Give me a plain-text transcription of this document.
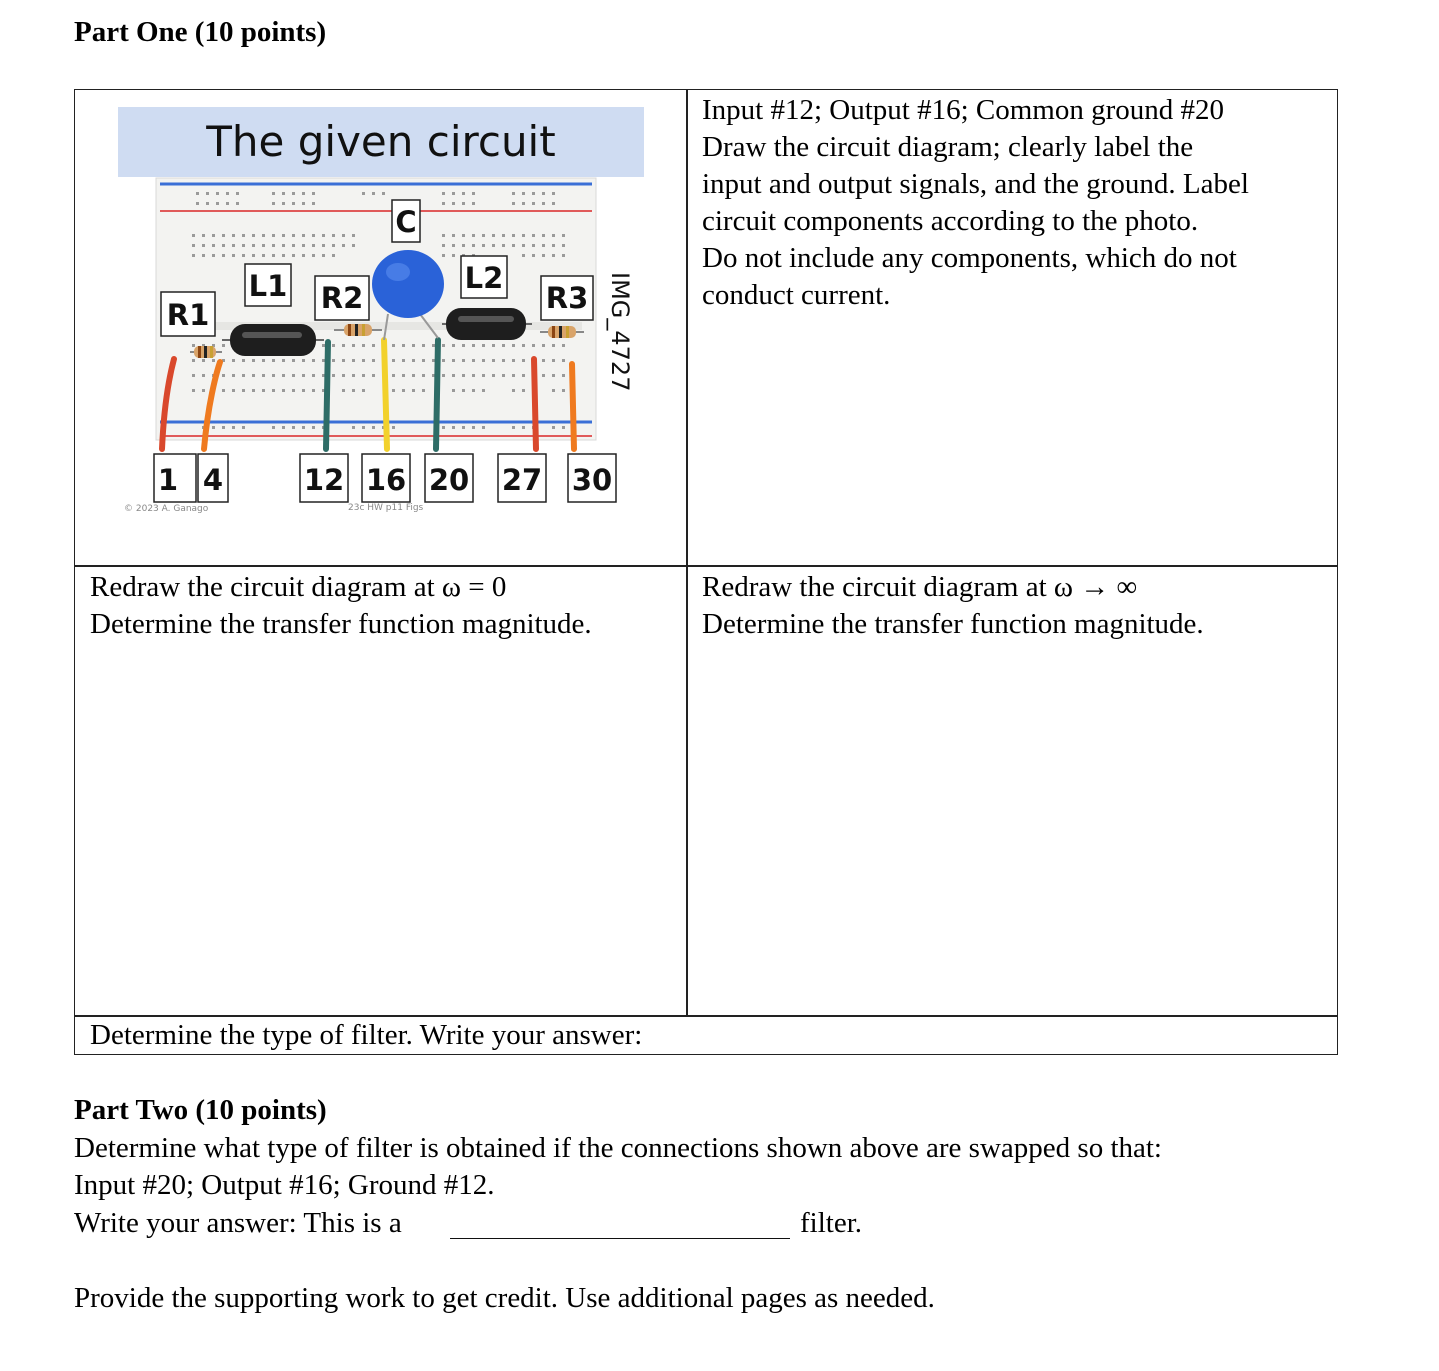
Part One (10 points)
The given circuit
R1
L1 R2
C
L2
R3 IMG_4727
1 4	12 16 20 27 30
© 2023 A. Ganago	23c HW p11 Figs
Input #12; Output #16; Common ground #20
Draw the circuit diagram; clearly label the
input and output signals, and the ground. Label
circuit components according to the photo.
Do not include any components, which do not
conduct current.
Redraw the circuit diagram at ω = 0
Determine the transfer function magnitude.
Redraw the circuit diagram at ω → ∞
Determine the transfer function magnitude.
Determine the type of filter. Write your answer:
Part Two (10 points)
Determine what type of filter is obtained if the connections shown above are swapped so that:
Input #20; Output #16; Ground #12.
Write your answer: This is a	filter.
Provide the supporting work to get credit. Use additional pages as needed.
